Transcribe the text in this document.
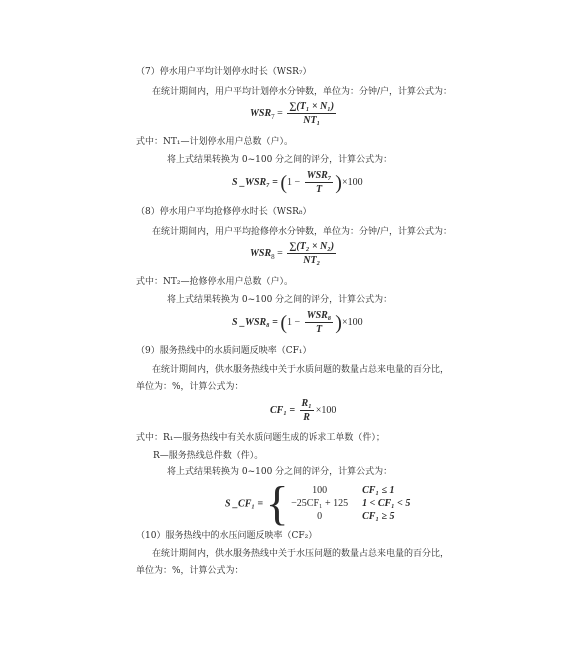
（7）停水用户平均计划停水时长（WSR₇）
在统计期间内，用户平均计划停水分钟数，单位为：分钟/户，计算公式为：
$WSR_7 = \frac{\text{∑(T₁ × N₁)}}{\text{NT₁}}$
式中：NT₁—计划停水用户总数（户）。
将上式结果转换为 0~100 分之间的评分，计算公式为：
S _WSR₇ = $(1 - \frac{\text{WSR₇}}{T} )\times 100$
（8）停水用户平均抢修停水时长（WSR₈）
在统计期间内，用户平均抢修停水分钟数，单位为：分钟/户，计算公式为：
$WSR_8 = \frac{\text{∑(T₂ × N₂)}}{\text{NT₂}}$
式中：NT₂—抢修停水用户总数（户）。
将上式结果转换为 0~100 分之间的评分，计算公式为：
S _WSR₈ = $(1 - \frac{\text{WSR₈}}{T} )\times 100$
（9）服务热线中的水质问题反映率（CF₁）
在统计期间内，供水服务热线中关于水质问题的数量占总来电量的百分比，
单位为：%，计算公式为：
$CF_1 = \frac{\text{R₁}}{R} \times 100$
式中：R₁—服务热线中有关水质问题生成的诉求工单数（件）；
R—服务热线总件数（件）。
将上式结果转换为 0~100 分之间的评分，计算公式为：
S _CF₁ = {	100	CF₁ ≤ 1
−25CF₁ + 125 1 < CF₁ < 5
0	CF₁ ≥ 5
（10）服务热线中的水压问题反映率（CF₂）
在统计期间内，供水服务热线中关于水压问题的数量占总来电量的百分比，
单位为：%，计算公式为：
